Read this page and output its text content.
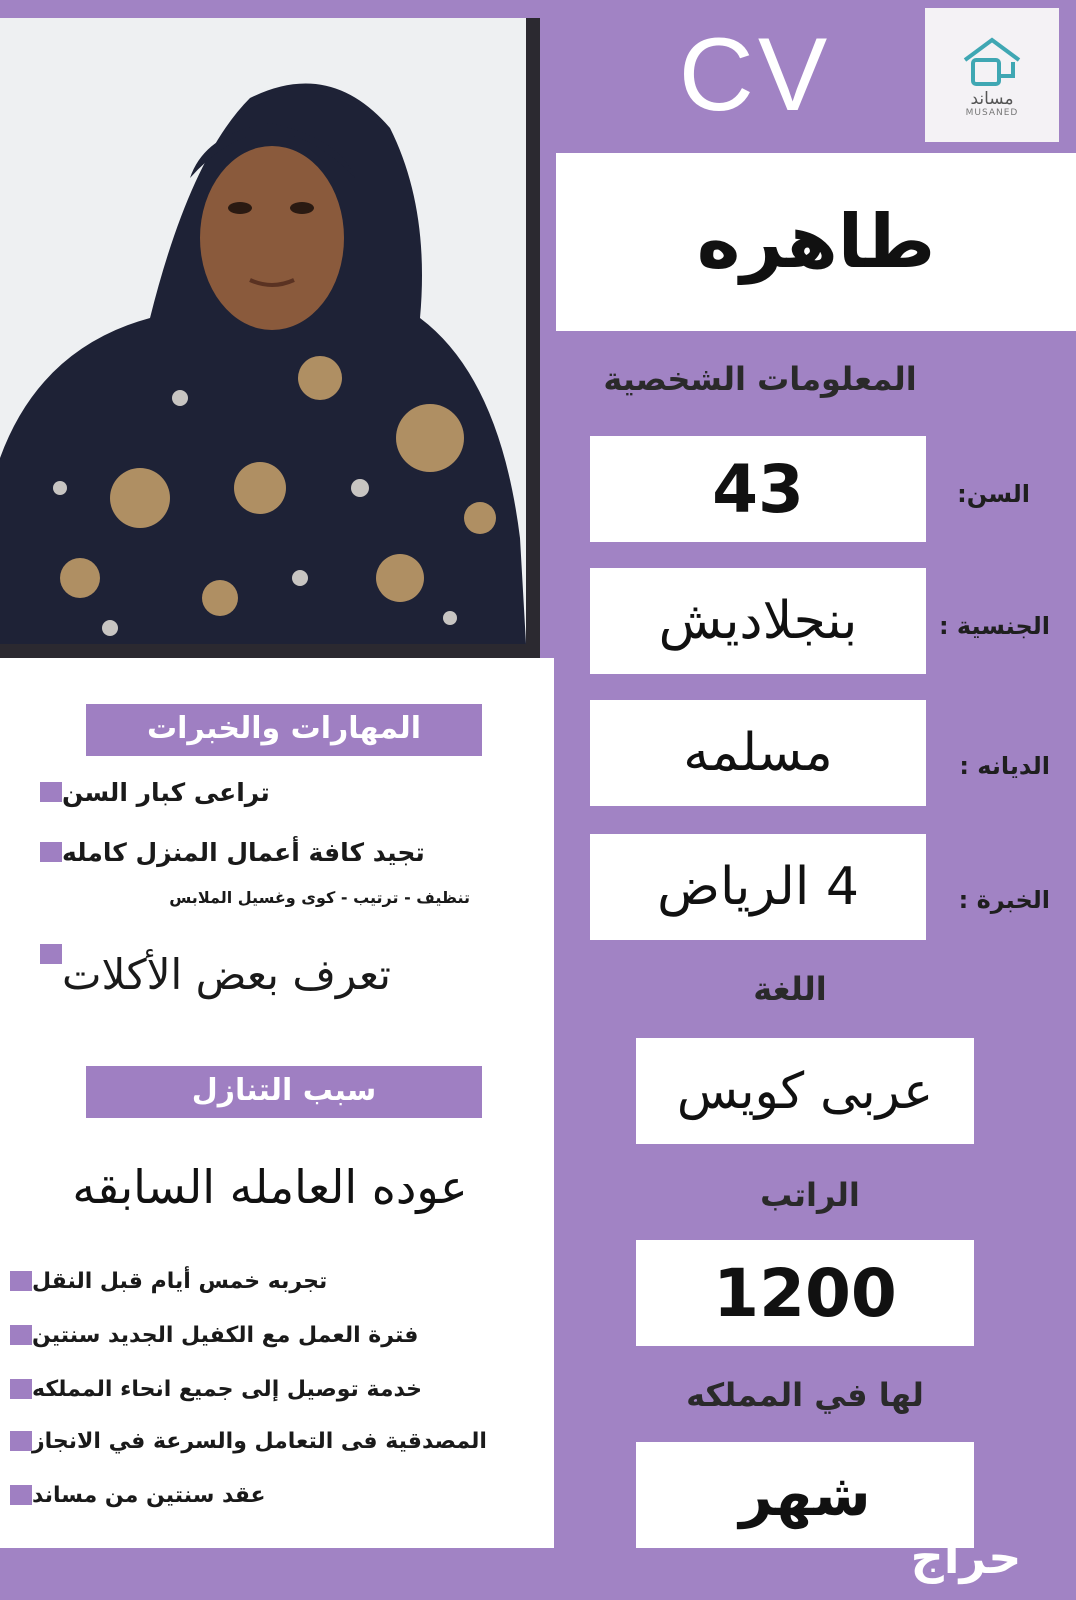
CV	مساند
MUSANED
طاهره
المعلومات الشخصية
43	السن:
بنجلاديش	الجنسية :
مسلمه	الديانه :
4 الرياض	الخبرة :
اللغة
عربى كويس
الراتب
1200
لها في المملكه
شهر
المهارات والخبرات
تراعى كبار السن
تجيد كافة أعمال المنزل كامله
تنظيف - ترتيب - كوى وغسيل الملابس
تعرف بعض الأكلات
سبب التنازل
عوده العامله السابقه
تجربه خمس أيام قبل النقل
فترة العمل مع الكفيل الجديد سنتين
خدمة توصيل إلى جميع انحاء المملكه
المصدقية فى التعامل والسرعة في الانجاز
عقد سنتين من مساند
حراج
